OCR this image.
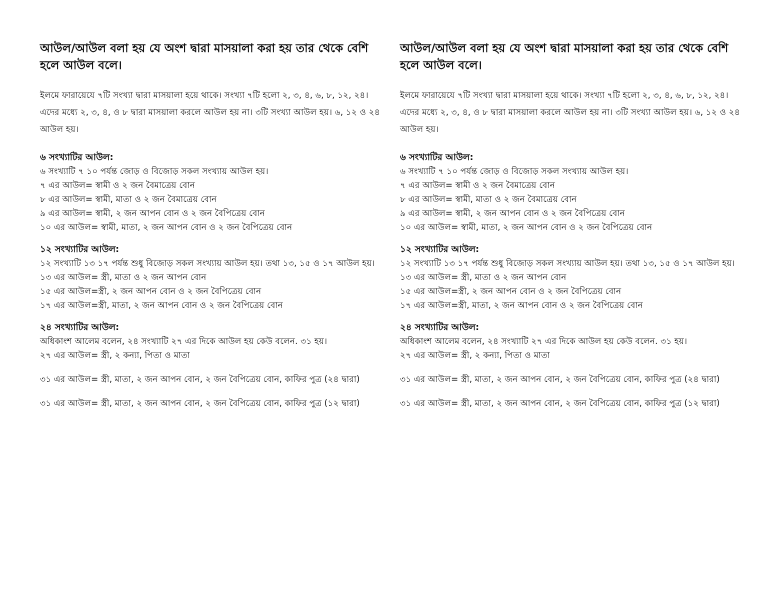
আউল/আউল বলা হয় যে অংশ দ্বারা মাসয়ালা করা হয় তার থেকে বেশি হলে আউল বলে।
ইলমে ফারায়েযে ৭টি সংখ্যা দ্বারা মাসয়ালা হয়ে থাকে। সংখ্যা ৭টি হলো ২, ৩, ৪, ৬, ৮, ১২, ২৪। এদের মধ্যে ২, ৩, ৪, ও ৮ দ্বারা মাসয়ালা করলে আউল হয় না। ৩টি সংখ্যা আউল হয়। ৬, ১২ ও ২৪ আউল হয়।
৬ সংখ্যাটির আউল:
৬ সংখ্যাটি ৭ ১০ পর্যন্ত জোড় ও বিজোড় সকল সংখ্যায় আউল হয়।
৭ এর আউল= স্বামী ও ২ জন বৈমাত্রেয় বোন
৮ এর আউল= স্বামী, মাতা ও ২ জন বৈমাত্রেয় বোন
৯ এর আউল= স্বামী, ২ জন আপন বোন ও ২ জন বৈপিত্রেয় বোন
১০ এর আউল= স্বামী, মাতা, ২ জন আপন বোন ও ২ জন বৈপিত্রেয় বোন
১২ সংখ্যাটির আউল:
১২ সংখ্যাটি ১৩ ১৭ পর্যন্ত শুধু বিজোড় সকল সংখ্যায় আউল হয়। তথা ১৩, ১৫ ও ১৭ আউল হয়।
১৩ এর আউল= স্ত্রী, মাতা ও ২ জন আপন বোন
১৫ এর আউল=স্ত্রী, ২ জন আপন বোন ও ২ জন বৈপিত্রেয় বোন
১৭ এর আউল=স্ত্রী, মাতা, ২ জন আপন বোন ও ২ জন বৈপিত্রেয় বোন
২৪ সংখ্যাটির আউল:
অধিকাংশ আলেম বলেন, ২৪ সংখ্যাটি ২৭ এর দিকে আউল হয় কেউ বলেন. ৩১ হয়।
২৭ এর আউল= স্ত্রী, ২ কন্যা, পিতা ও মাতা
৩১ এর আউল= স্ত্রী, মাতা, ২ জন আপন বোন, ২ জন বৈপিত্রেয় বোন, কাফির পুত্র (২৪ দ্বারা)
৩১ এর আউল= স্ত্রী, মাতা, ২ জন আপন বোন, ২ জন বৈপিত্রেয় বোন, কাফির পুত্র (১২ দ্বারা)
আউল/আউল বলা হয় যে অংশ দ্বারা মাসয়ালা করা হয় তার থেকে বেশি হলে আউল বলে।
ইলমে ফারায়েযে ৭টি সংখ্যা দ্বারা মাসয়ালা হয়ে থাকে। সংখ্যা ৭টি হলো ২, ৩, ৪, ৬, ৮, ১২, ২৪। এদের মধ্যে ২, ৩, ৪, ও ৮ দ্বারা মাসয়ালা করলে আউল হয় না। ৩টি সংখ্যা আউল হয়। ৬, ১২ ও ২৪ আউল হয়।
৬ সংখ্যাটির আউল:
৬ সংখ্যাটি ৭ ১০ পর্যন্ত জোড় ও বিজোড় সকল সংখ্যায় আউল হয়।
৭ এর আউল= স্বামী ও ২ জন বৈমাত্রেয় বোন
৮ এর আউল= স্বামী, মাতা ও ২ জন বৈমাত্রেয় বোন
৯ এর আউল= স্বামী, ২ জন আপন বোন ও ২ জন বৈপিত্রেয় বোন
১০ এর আউল= স্বামী, মাতা, ২ জন আপন বোন ও ২ জন বৈপিত্রেয় বোন
১২ সংখ্যাটির আউল:
১২ সংখ্যাটি ১৩ ১৭ পর্যন্ত শুধু বিজোড় সকল সংখ্যায় আউল হয়। তথা ১৩, ১৫ ও ১৭ আউল হয়।
১৩ এর আউল= স্ত্রী, মাতা ও ২ জন আপন বোন
১৫ এর আউল=স্ত্রী, ২ জন আপন বোন ও ২ জন বৈপিত্রেয় বোন
১৭ এর আউল=স্ত্রী, মাতা, ২ জন আপন বোন ও ২ জন বৈপিত্রেয় বোন
২৪ সংখ্যাটির আউল:
অধিকাংশ আলেম বলেন, ২৪ সংখ্যাটি ২৭ এর দিকে আউল হয় কেউ বলেন. ৩১ হয়।
২৭ এর আউল= স্ত্রী, ২ কন্যা, পিতা ও মাতা
৩১ এর আউল= স্ত্রী, মাতা, ২ জন আপন বোন, ২ জন বৈপিত্রেয় বোন, কাফির পুত্র (২৪ দ্বারা)
৩১ এর আউল= স্ত্রী, মাতা, ২ জন আপন বোন, ২ জন বৈপিত্রেয় বোন, কাফির পুত্র (১২ দ্বারা)
